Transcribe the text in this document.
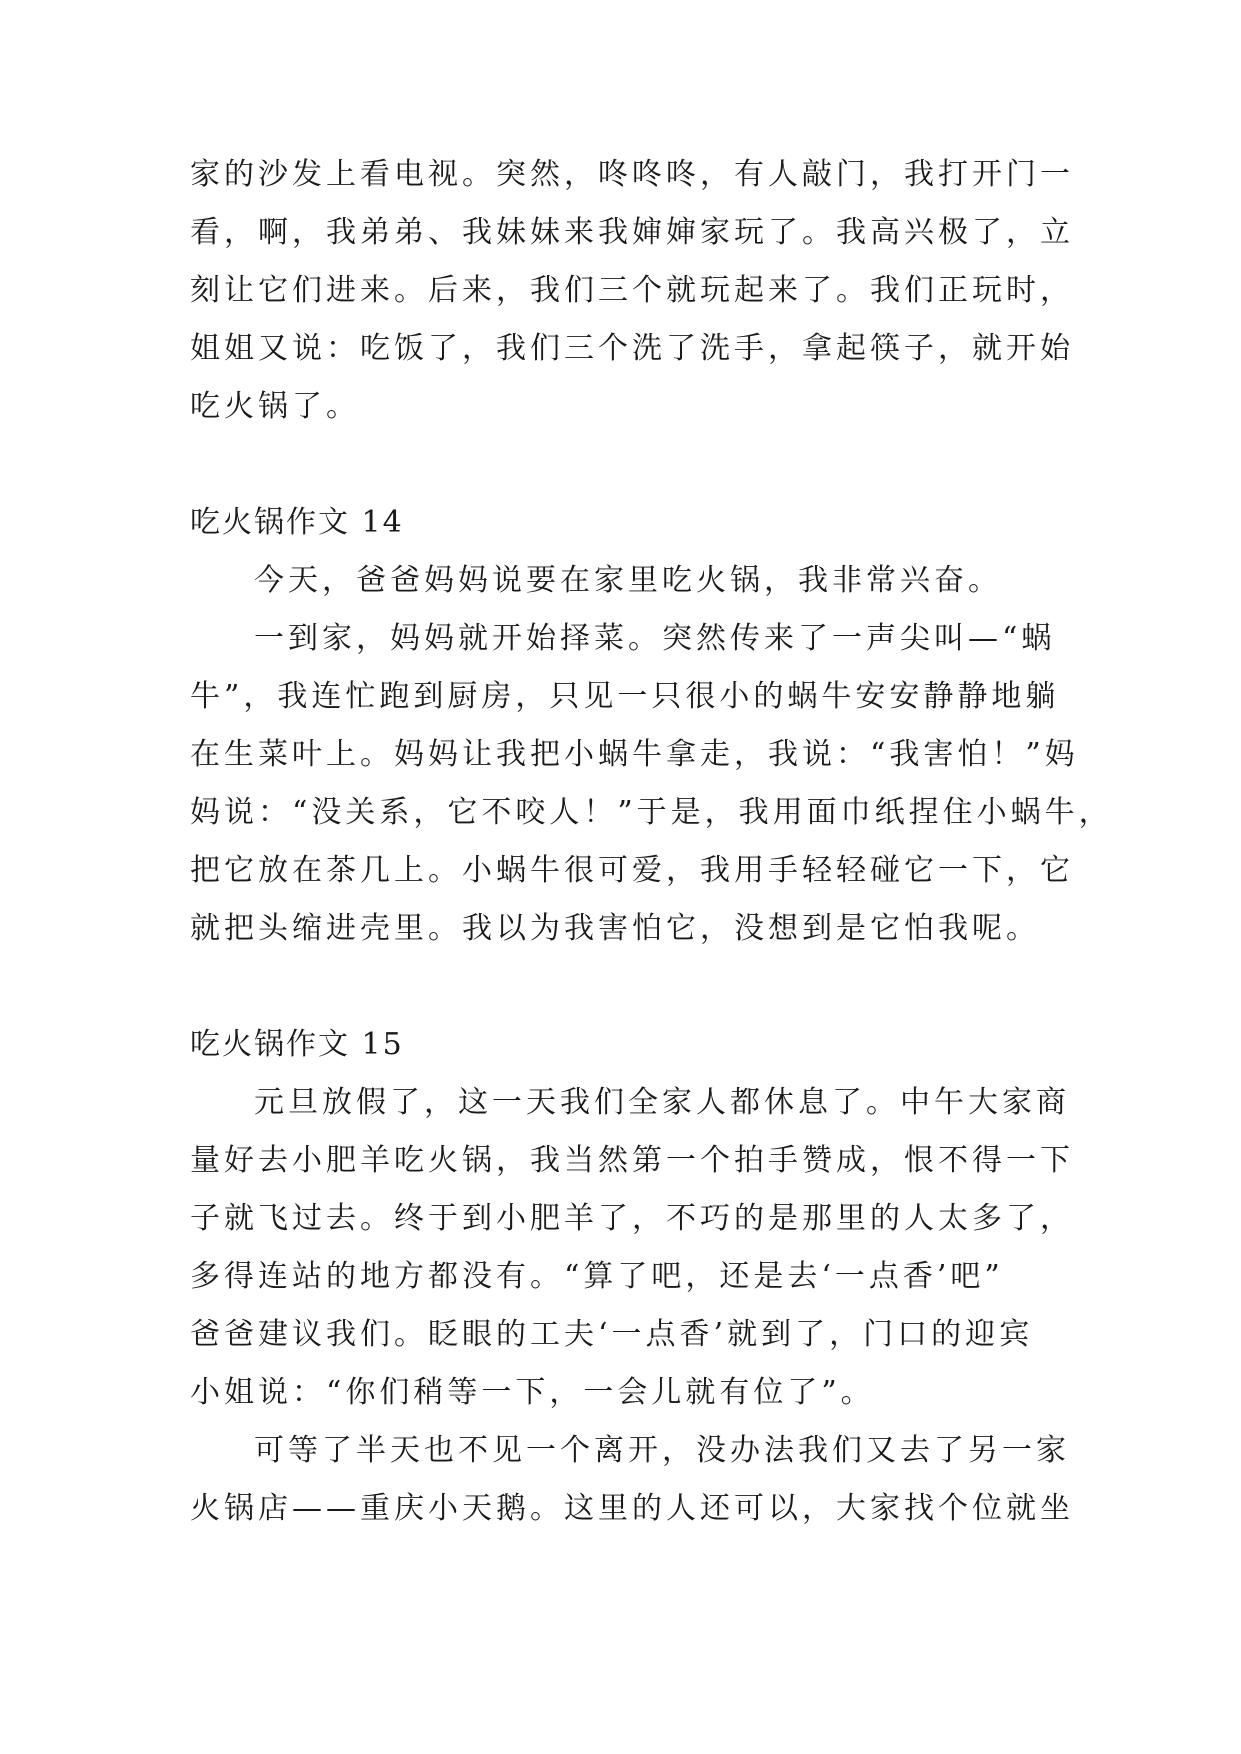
家的沙发上看电视。突然，咚咚咚，有人敲门，我打开门一
看，啊，我弟弟、我妹妹来我婶婶家玩了。我高兴极了，立
刻让它们进来。后来，我们三个就玩起来了。我们正玩时，
姐姐又说：吃饭了，我们三个洗了洗手，拿起筷子，就开始
吃火锅了。
吃火锅作文 14
今天，爸爸妈妈说要在家里吃火锅，我非常兴奋。
一到家，妈妈就开始择菜。突然传来了一声尖叫—“蜗
牛”，我连忙跑到厨房，只见一只很小的蜗牛安安静静地躺
在生菜叶上。妈妈让我把小蜗牛拿走，我说：“我害怕！”妈
妈说：“没关系，它不咬人！”于是，我用面巾纸捏住小蜗牛，
把它放在茶几上。小蜗牛很可爱，我用手轻轻碰它一下，它
就把头缩进壳里。我以为我害怕它，没想到是它怕我呢。
吃火锅作文 15
元旦放假了，这一天我们全家人都休息了。中午大家商
量好去小肥羊吃火锅，我当然第一个拍手赞成，恨不得一下
子就飞过去。终于到小肥羊了，不巧的是那里的人太多了，
多得连站的地方都没有。“算了吧，还是去‘一点香’吧”
爸爸建议我们。眨眼的工夫‘一点香’就到了，门口的迎宾
小姐说：“你们稍等一下，一会儿就有位了”。
可等了半天也不见一个离开，没办法我们又去了另一家
火锅店——重庆小天鹅。这里的人还可以，大家找个位就坐
